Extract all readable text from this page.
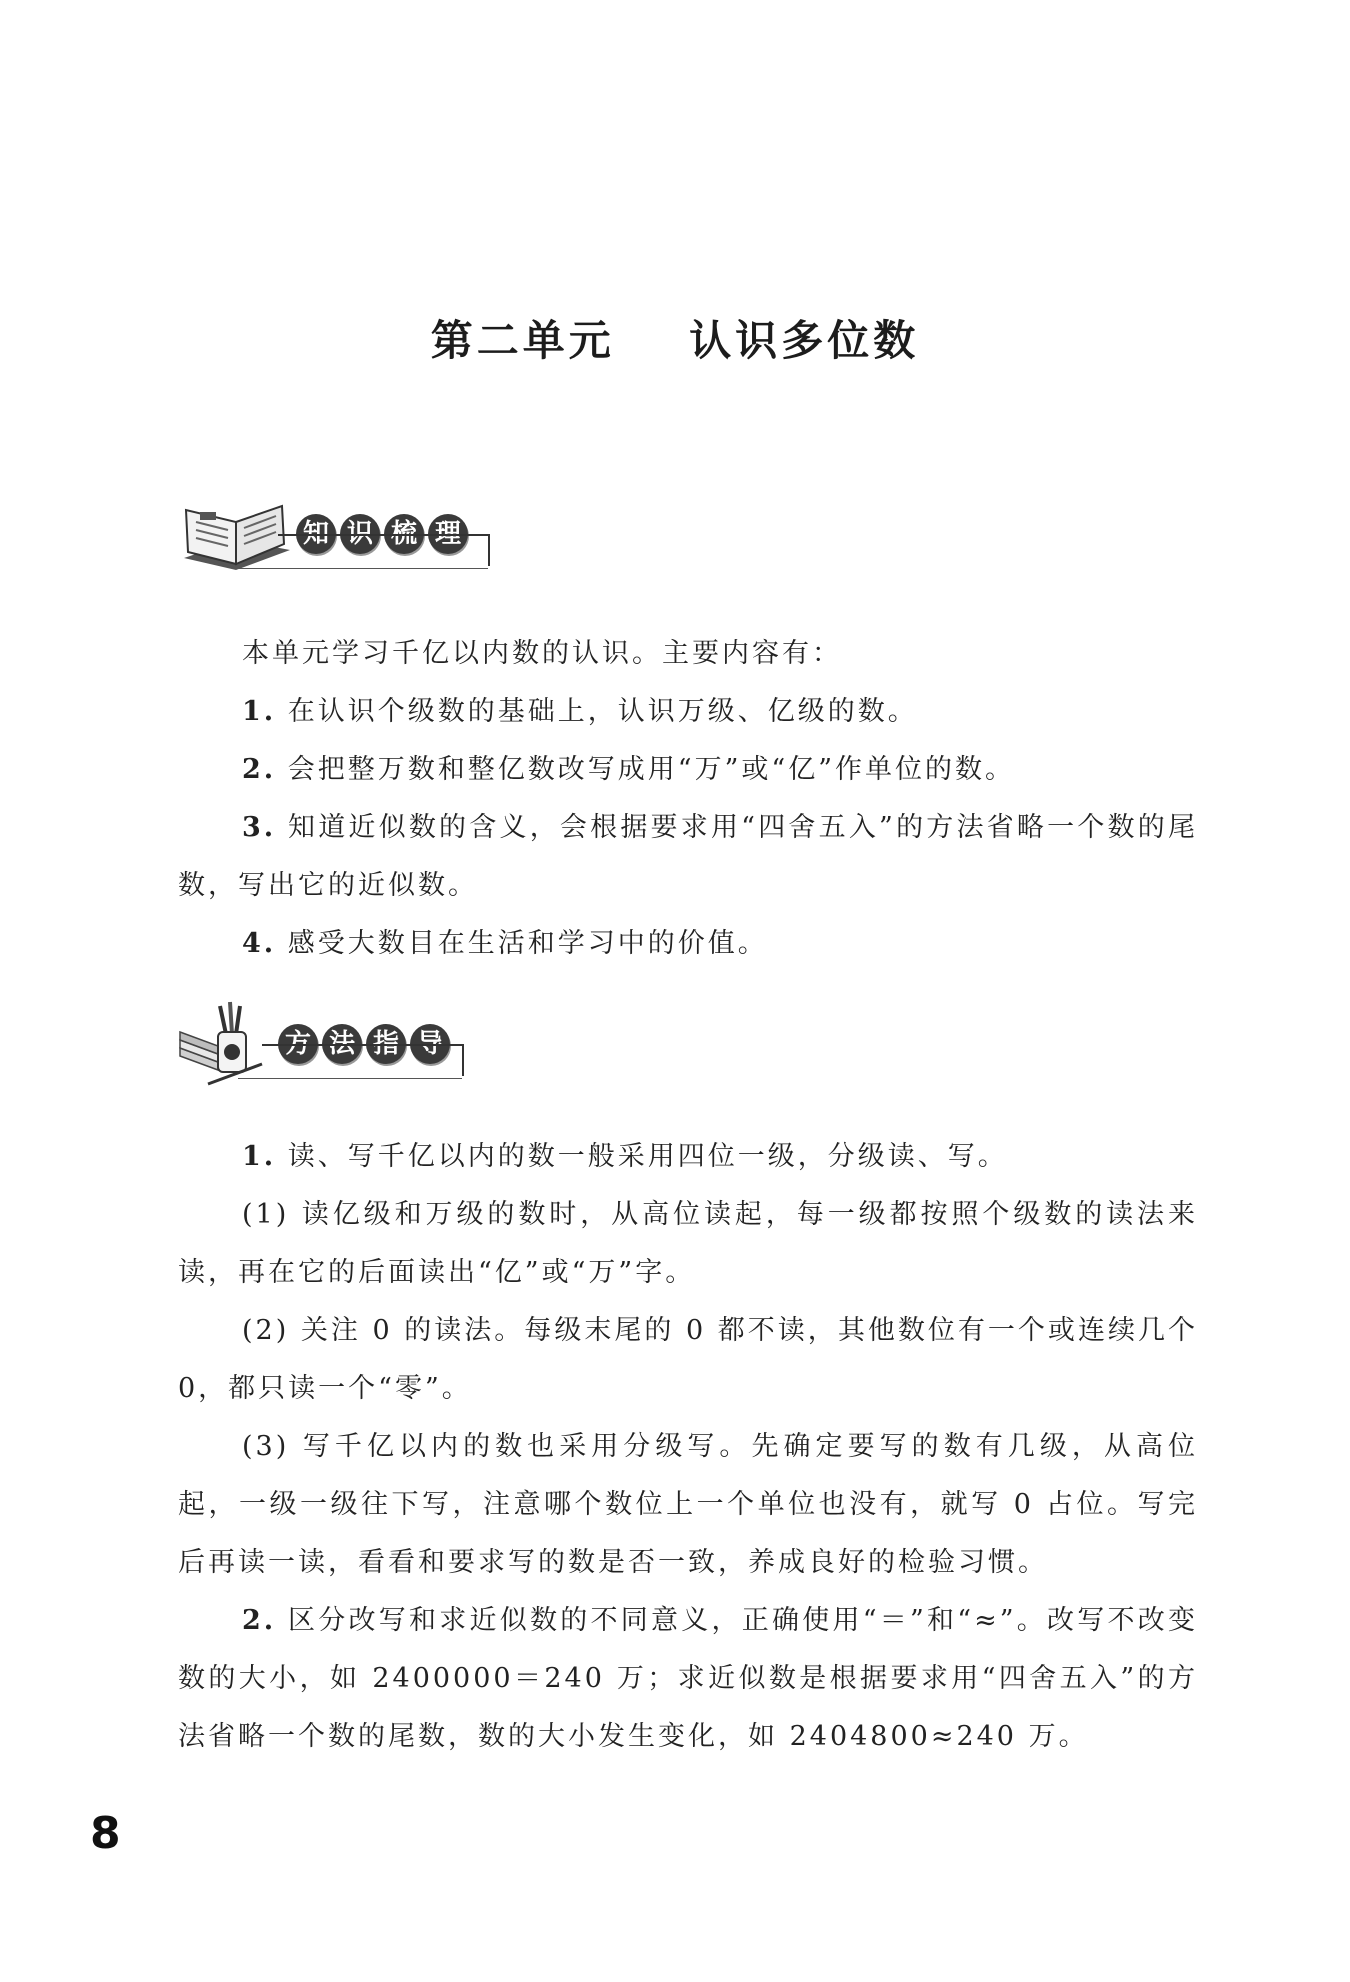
第二单元    认识多位数
知 识 梳 理
本单元学习千亿以内数的认识。主要内容有：
1. 在认识个级数的基础上，认识万级、亿级的数。
2. 会把整万数和整亿数改写成用“万”或“亿”作单位的数。
3. 知道近似数的含义，会根据要求用“四舍五入”的方法省略一个数的尾数，写出它的近似数。
4. 感受大数目在生活和学习中的价值。
方 法 指 导
1. 读、写千亿以内的数一般采用四位一级，分级读、写。
(1) 读亿级和万级的数时，从高位读起，每一级都按照个级数的读法来读，再在它的后面读出“亿”或“万”字。
(2) 关注 0 的读法。每级末尾的 0 都不读，其他数位有一个或连续几个 0，都只读一个“零”。
(3) 写千亿以内的数也采用分级写。先确定要写的数有几级，从高位起，一级一级往下写，注意哪个数位上一个单位也没有，就写 0 占位。写完后再读一读，看看和要求写的数是否一致，养成良好的检验习惯。
2. 区分改写和求近似数的不同意义，正确使用“＝”和“≈”。改写不改变数的大小，如 2400000＝240 万；求近似数是根据要求用“四舍五入”的方法省略一个数的尾数，数的大小发生变化，如 2404800≈240 万。
8
